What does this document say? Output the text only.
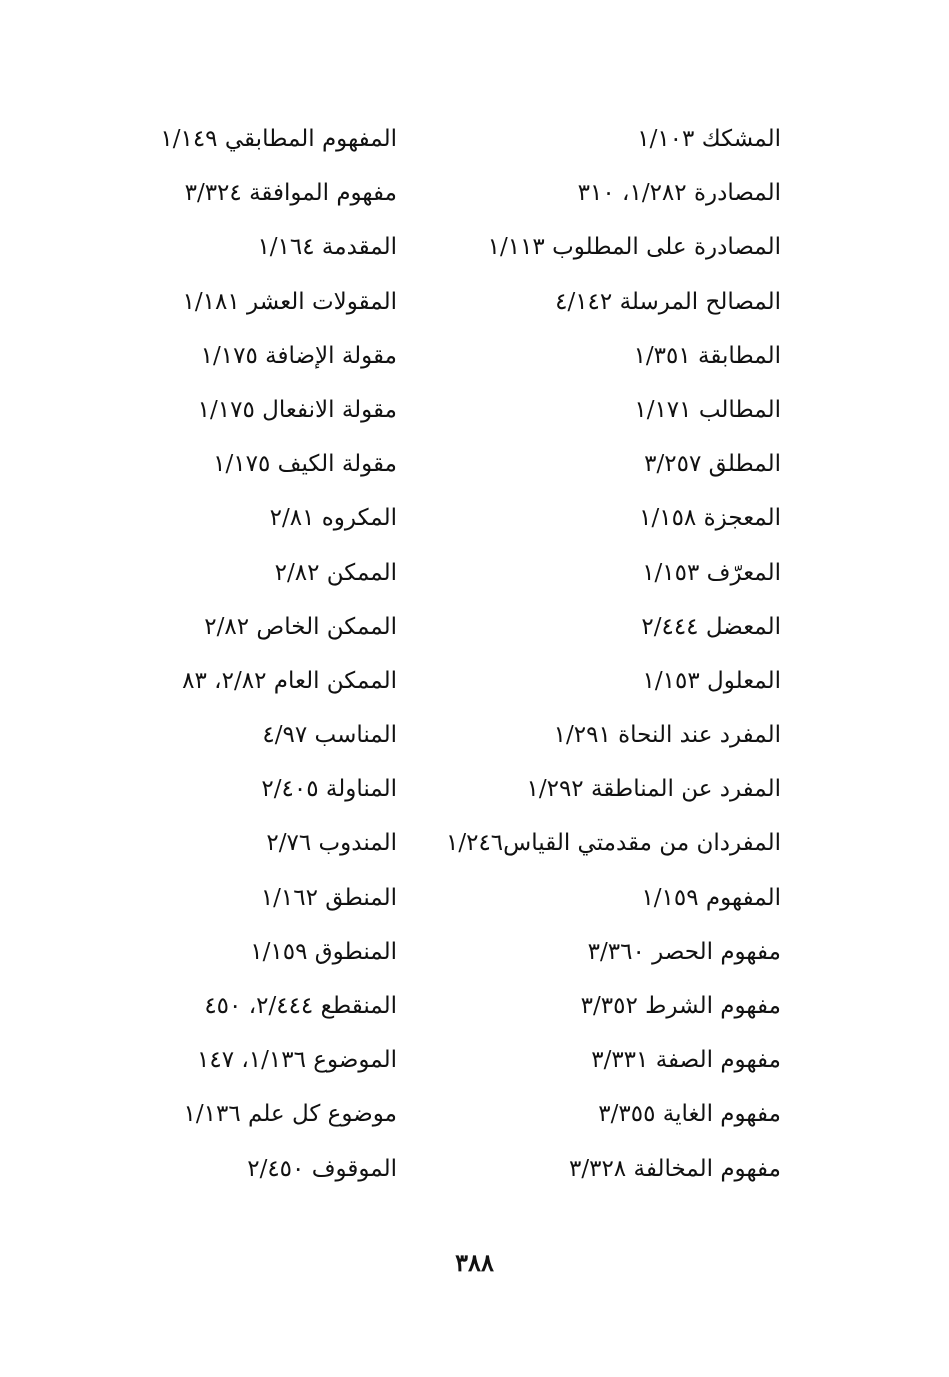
المشكك ١/١٠٣
المصادرة ١/٢٨٢، ٣١٠
المصادرة على المطلوب ١/١١٣
المصالح المرسلة ٤/١٤٢
المطابقة ١/٣٥١
المطالب ١/١٧١
المطلق ٣/٢٥٧
المعجزة ١/١٥٨
المعرّف ١/١٥٣
المعضل ٢/٤٤٤
المعلول ١/١٥٣
المفرد عند النحاة ١/٢٩١
المفرد عن المناطقة ١/٢٩٢
المفردان من مقدمتي القياس١/٢٤٦
المفهوم ١/١٥٩
مفهوم الحصر ٣/٣٦٠
مفهوم الشرط ٣/٣٥٢
مفهوم الصفة ٣/٣٣١
مفهوم الغاية ٣/٣٥٥
مفهوم المخالفة ٣/٣٢٨
المفهوم المطابقي ١/١٤٩
مفهوم الموافقة ٣/٣٢٤
المقدمة ١/١٦٤
المقولات العشر ١/١٨١
مقولة الإضافة ١/١٧٥
مقولة الانفعال ١/١٧٥
مقولة الكيف ١/١٧٥
المكروه ٢/٨١
الممكن ٢/٨٢
الممكن الخاص ٢/٨٢
الممكن العام ٢/٨٢، ٨٣
المناسب ٤/٩٧
المناولة ٢/٤٠٥
المندوب ٢/٧٦
المنطق ١/١٦٢
المنطوق ١/١٥٩
المنقطع ٢/٤٤٤، ٤٥٠
الموضوع ١/١٣٦، ١٤٧
موضوع كل علم ١/١٣٦
الموقوف ٢/٤٥٠
٣٨٨
